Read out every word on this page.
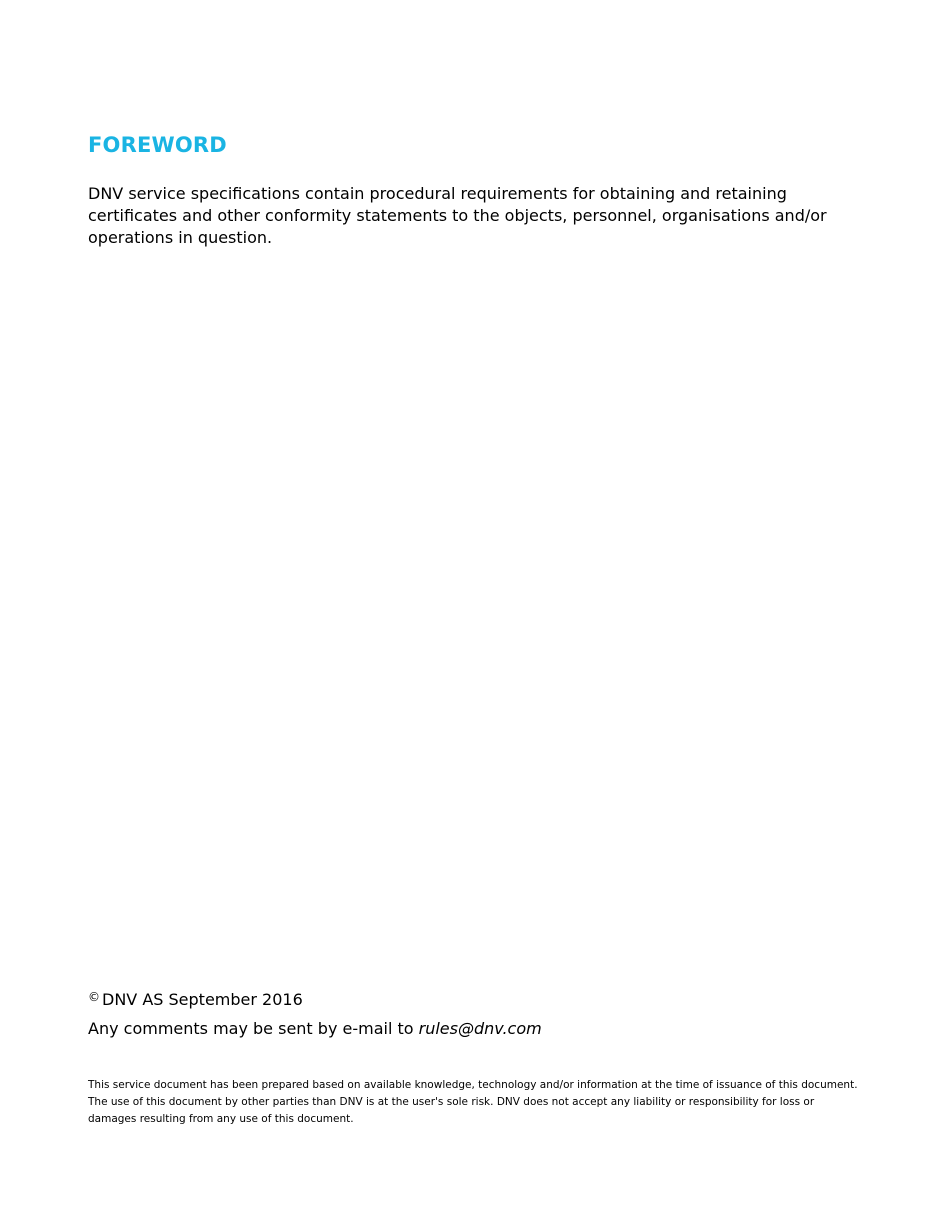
FOREWORD

DNV service specifications contain procedural requirements for obtaining and retaining certificates and other conformity statements to the objects, personnel, organisations and/or operations in question.

© DNV AS September 2016

Any comments may be sent by e-mail to rules@dnv.com

This service document has been prepared based on available knowledge, technology and/or information at the time of issuance of this document. The use of this document by other parties than DNV is at the user's sole risk. DNV does not accept any liability or responsibility for loss or damages resulting from any use of this document.
